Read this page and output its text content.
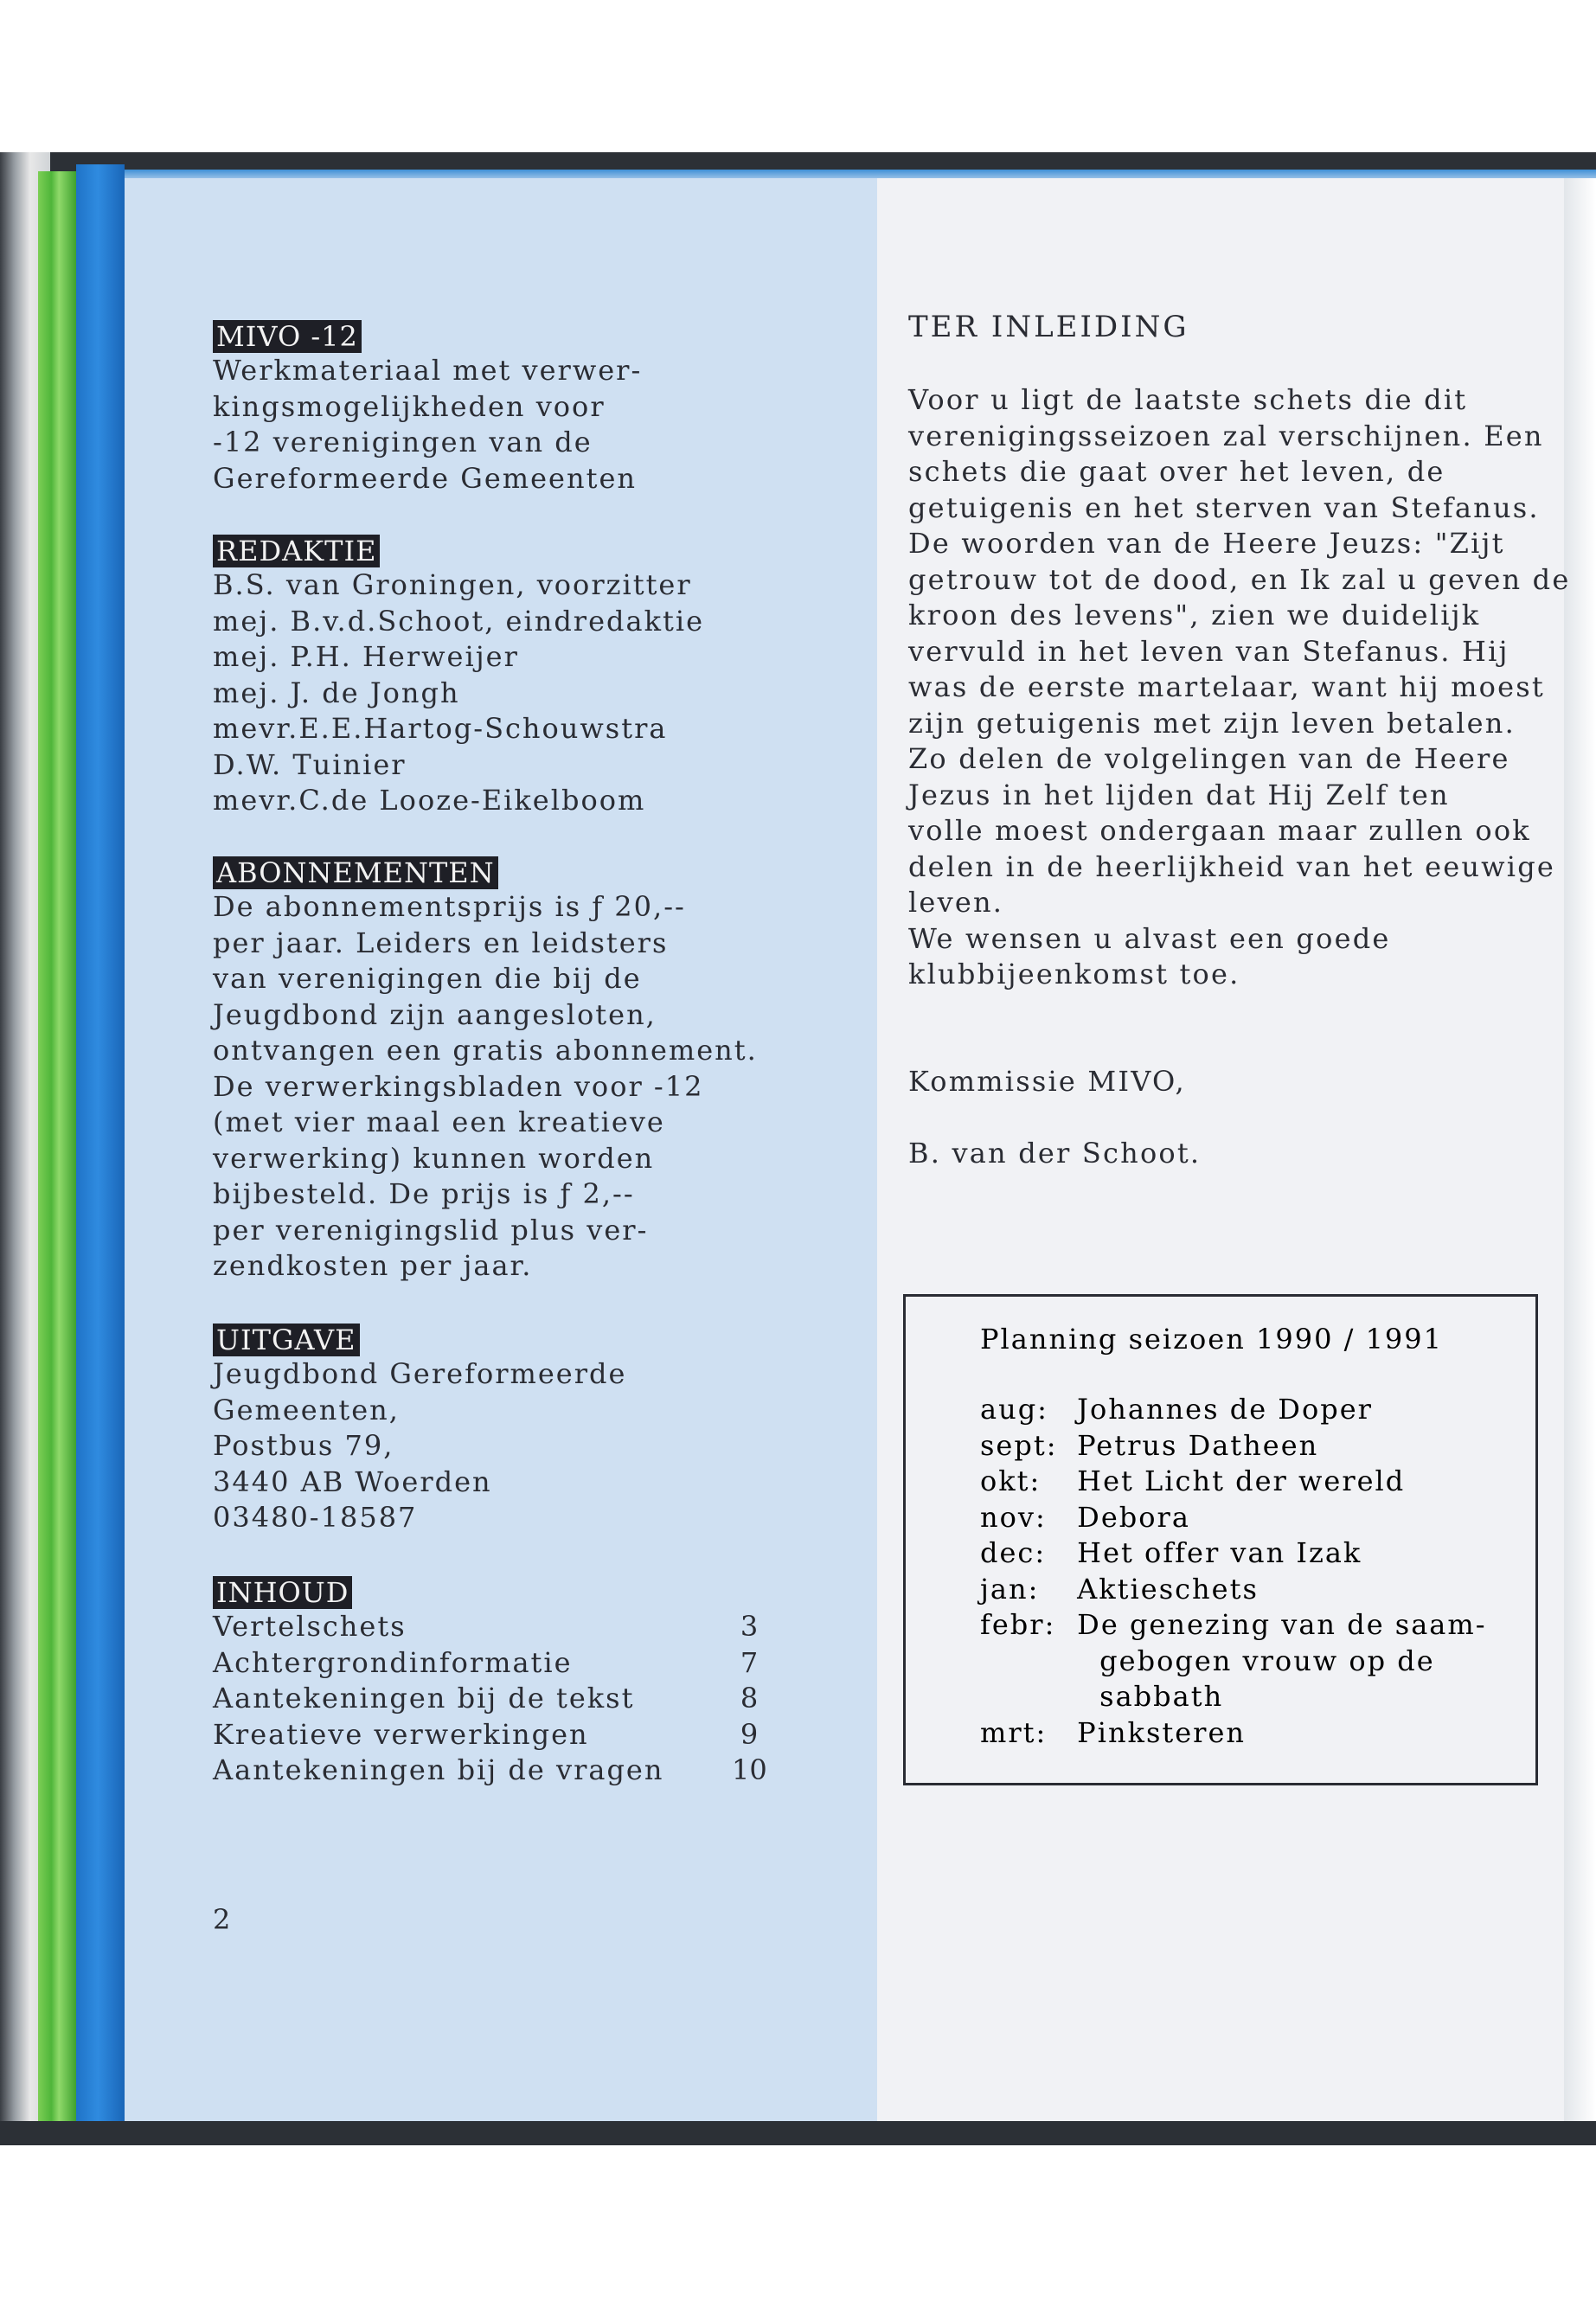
MIVO -12
Werkmateriaal met verwer-
kingsmogelijkheden voor
-12 verenigingen van de
Gereformeerde Gemeenten
REDAKTIE
B.S. van Groningen, voorzitter
mej. B.v.d.Schoot, eindredaktie
mej. P.H. Herweijer
mej. J. de Jongh
mevr.E.E.Hartog-Schouwstra
D.W. Tuinier
mevr.C.de Looze-Eikelboom
ABONNEMENTEN
De abonnementsprijs is ƒ 20,--
per jaar. Leiders en leidsters
van verenigingen die bij de
Jeugdbond zijn aangesloten,
ontvangen een gratis abonnement.
De verwerkingsbladen voor -12
(met vier maal een kreatieve
verwerking) kunnen worden
bijbesteld. De prijs is ƒ 2,--
per verenigingslid plus ver-
zendkosten per jaar.
UITGAVE
Jeugdbond Gereformeerde
Gemeenten,
Postbus 79,
3440 AB Woerden
03480-18587
INHOUD
Vertelschets	3
Achtergrondinformatie	7
Aantekeningen bij de tekst	8
Kreatieve verwerkingen	9
Aantekeningen bij de vragen 10
2
TER INLEIDING
Voor u ligt de laatste schets die dit
verenigingsseizoen zal verschijnen. Een
schets die gaat over het leven, de
getuigenis en het sterven van Stefanus.
De woorden van de Heere Jeuzs: "Zijt
getrouw tot de dood, en Ik zal u geven de
kroon des levens", zien we duidelijk
vervuld in het leven van Stefanus. Hij
was de eerste martelaar, want hij moest
zijn getuigenis met zijn leven betalen.
Zo delen de volgelingen van de Heere
Jezus in het lijden dat Hij Zelf ten
volle moest ondergaan maar zullen ook
delen in de heerlijkheid van het eeuwige
leven.
We wensen u alvast een goede
klubbijeenkomst toe.
Kommissie MIVO,
B. van der Schoot.
Planning seizoen 1990 / 1991
aug: Johannes de Doper
sept: Petrus Datheen
okt: Het Licht der wereld
nov: Debora
dec: Het offer van Izak
jan: Aktieschets
febr: De genezing van de saam-
gebogen vrouw op de
sabbath
mrt: Pinksteren
